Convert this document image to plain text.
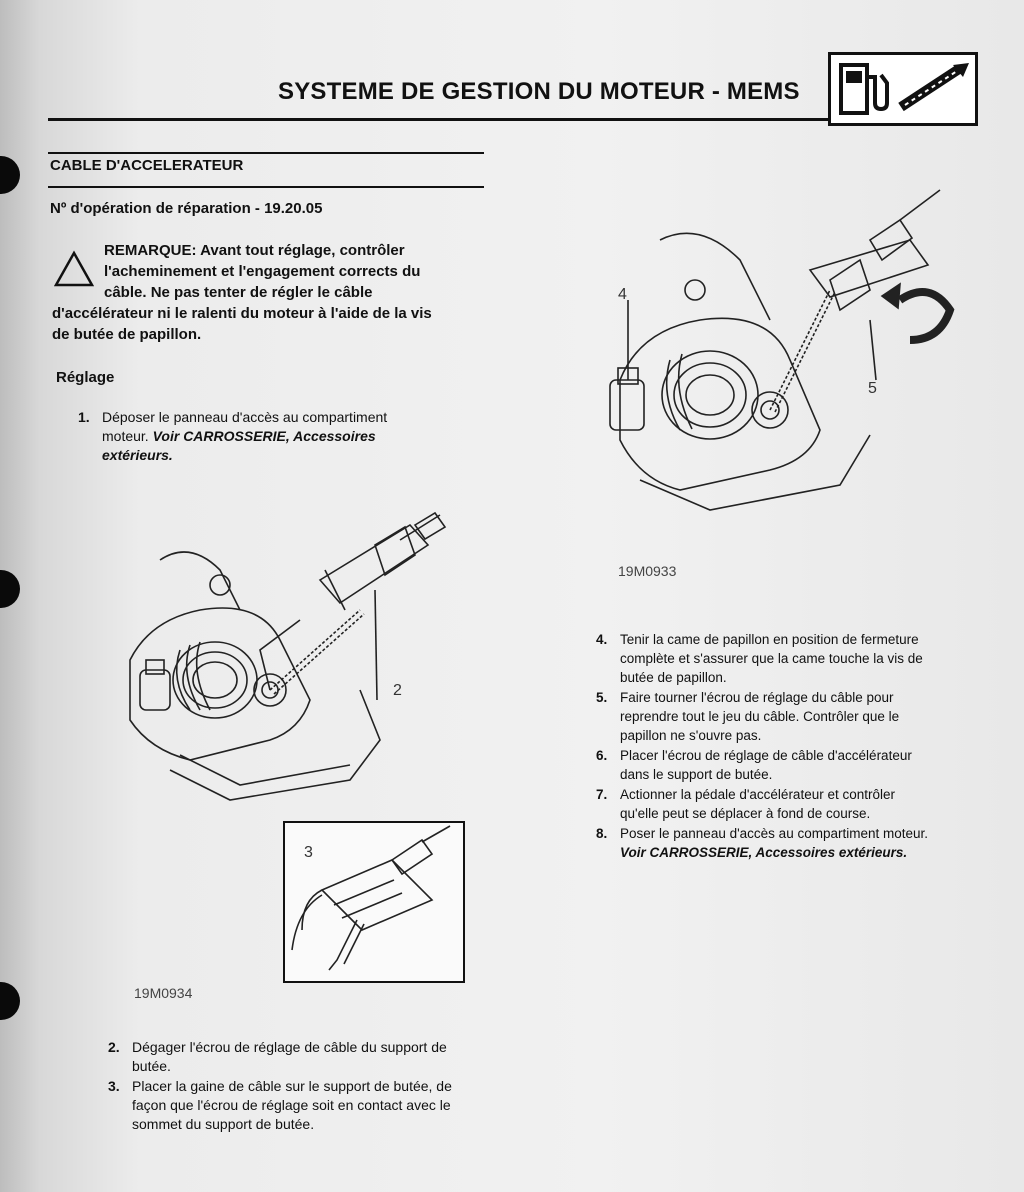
SYSTEME DE GESTION DU MOTEUR - MEMS
CABLE D'ACCELERATEUR
Nº d'opération de réparation - 19.20.05
REMARQUE: Avant tout réglage, contrôler
l'acheminement et l'engagement corrects du
câble. Ne pas tenter de régler le câble
d'accélérateur ni le ralenti du moteur à l'aide de la vis
de butée de papillon.
Réglage
1. Déposer le panneau d'accès au compartiment
moteur. Voir CARROSSERIE, Accessoires
extérieurs.
2
3
19M0934
2. Dégager l'écrou de réglage de câble du support de
butée.
3. Placer la gaine de câble sur le support de butée, de
façon que l'écrou de réglage soit en contact avec le
sommet du support de butée.
4
5
19M0933
4. Tenir la came de papillon en position de fermeture
complète et s'assurer que la came touche la vis de
butée de papillon.
5. Faire tourner l'écrou de réglage du câble pour
reprendre tout le jeu du câble. Contrôler que le
papillon ne s'ouvre pas.
6. Placer l'écrou de réglage de câble d'accélérateur
dans le support de butée.
7. Actionner la pédale d'accélérateur et contrôler
qu'elle peut se déplacer à fond de course.
8. Poser le panneau d'accès au compartiment moteur.
Voir CARROSSERIE, Accessoires extérieurs.
